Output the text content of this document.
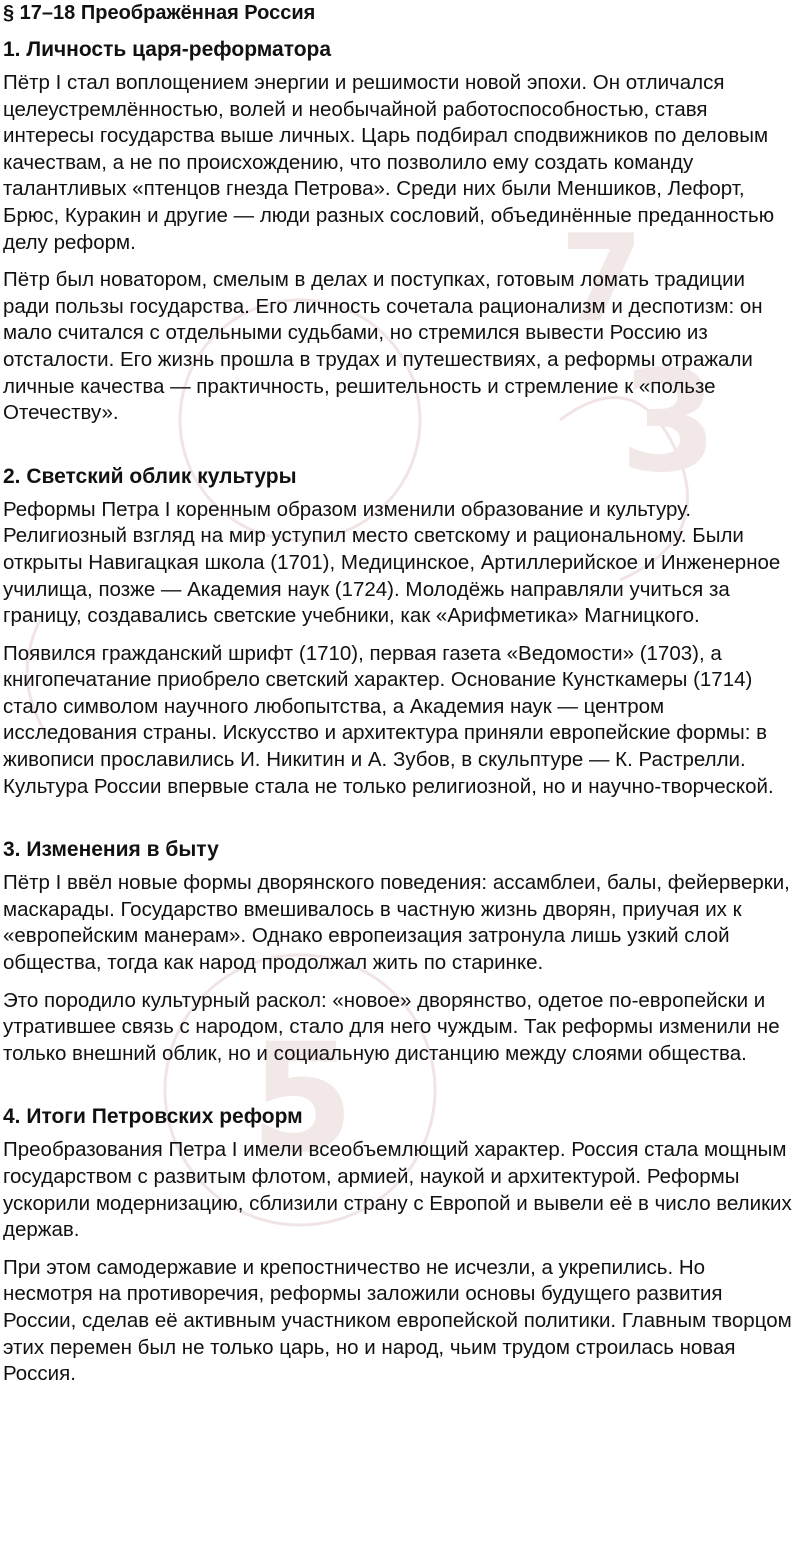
3
5
7
§ 17–18 Преображённая Россия
1. Личность царя-реформатора

Пётр I стал воплощением энергии и решимости новой эпохи. Он отличался целеустремлённостью, волей и необычайной работоспособностью, ставя интересы государства выше личных. Царь подбирал сподвижников по деловым качествам, а не по происхождению, что позволило ему создать команду талантливых «птенцов гнезда Петрова». Среди них были Меншиков, Лефорт, Брюс, Куракин и другие — люди разных сословий, объединённые преданностью делу реформ.

Пётр был новатором, смелым в делах и поступках, готовым ломать традиции ради пользы государства. Его личность сочетала рационализм и деспотизм: он мало считался с отдельными судьбами, но стремился вывести Россию из отсталости. Его жизнь прошла в трудах и путешествиях, а реформы отражали личные качества — практичность, решительность и стремление к «пользе Отечеству».

2. Светский облик культуры

Реформы Петра I коренным образом изменили образование и культуру. Религиозный взгляд на мир уступил место светскому и рациональному. Были открыты Навигацкая школа (1701), Медицинское, Артиллерийское и Инженерное училища, позже — Академия наук (1724). Молодёжь направляли учиться за границу, создавались светские учебники, как «Арифметика» Магницкого.

Появился гражданский шрифт (1710), первая газета «Ведомости» (1703), а книгопечатание приобрело светский характер. Основание Кунсткамеры (1714) стало символом научного любопытства, а Академия наук — центром исследования страны. Искусство и архитектура приняли европейские формы: в живописи прославились И. Никитин и А. Зубов, в скульптуре — К. Растрелли. Культура России впервые стала не только религиозной, но и научно-творческой.

3. Изменения в быту

Пётр I ввёл новые формы дворянского поведения: ассамблеи, балы, фейерверки, маскарады. Государство вмешивалось в частную жизнь дворян, приучая их к «европейским манерам». Однако европеизация затронула лишь узкий слой общества, тогда как народ продолжал жить по старинке.

Это породило культурный раскол: «новое» дворянство, одетое по-европейски и утратившее связь с народом, стало для него чуждым. Так реформы изменили не только внешний облик, но и социальную дистанцию между слоями общества.

4. Итоги Петровских реформ

Преобразования Петра I имели всеобъемлющий характер. Россия стала мощным государством с развитым флотом, армией, наукой и архитектурой. Реформы ускорили модернизацию, сблизили страну с Европой и вывели её в число великих держав.

При этом самодержавие и крепостничество не исчезли, а укрепились. Но несмотря на противоречия, реформы заложили основы будущего развития России, сделав её активным участником европейской политики. Главным творцом этих перемен был не только царь, но и народ, чьим трудом строилась новая Россия.
